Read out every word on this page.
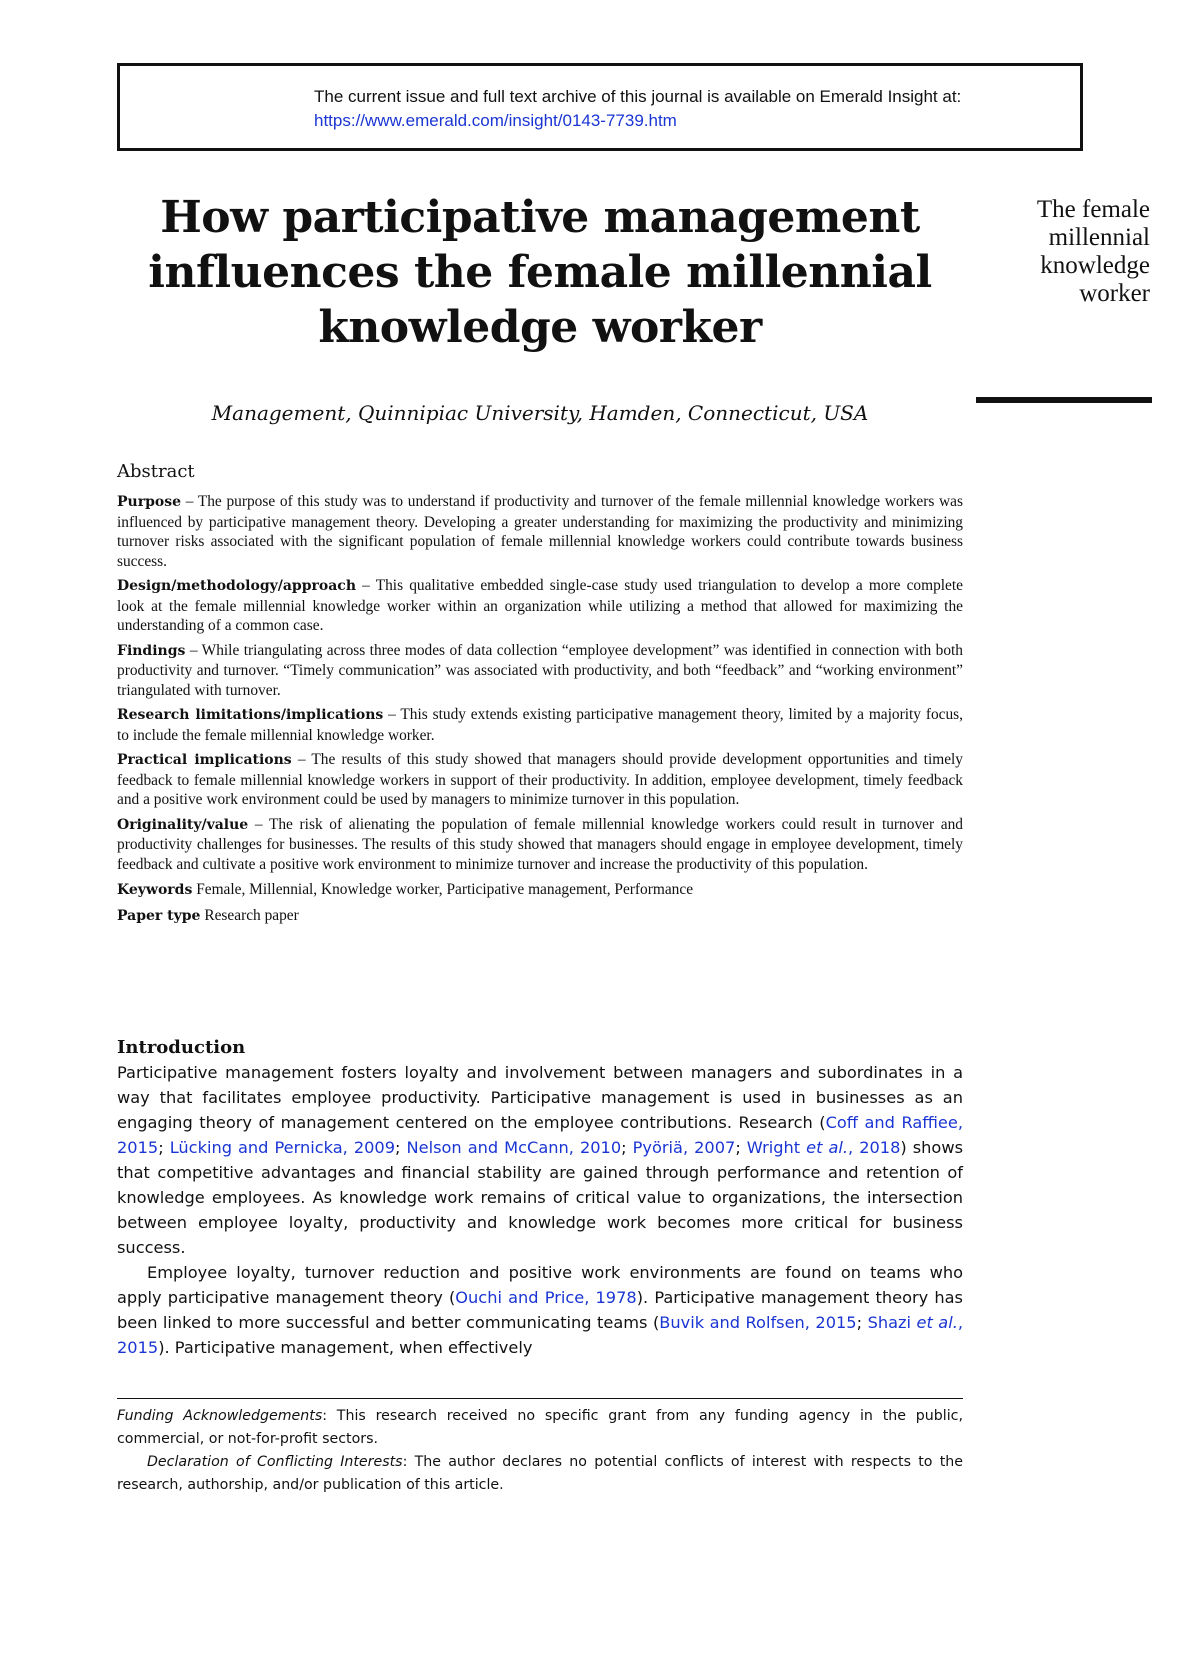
The current issue and full text archive of this journal is available on Emerald Insight at:
https://www.emerald.com/insight/0143-7739.htm
How participative management
influences the female millennial
knowledge worker
The female
millennial
knowledge
worker
Management, Quinnipiac University, Hamden, Connecticut, USA
Abstract

Purpose – The purpose of this study was to understand if productivity and turnover of the female millennial knowledge workers was influenced by participative management theory. Developing a greater understanding for maximizing the productivity and minimizing turnover risks associated with the significant population of female millennial knowledge workers could contribute towards business success.

Design/methodology/approach – This qualitative embedded single-case study used triangulation to develop a more complete look at the female millennial knowledge worker within an organization while utilizing a method that allowed for maximizing the understanding of a common case.

Findings – While triangulating across three modes of data collection “employee development” was identified in connection with both productivity and turnover. “Timely communication” was associated with productivity, and both “feedback” and “working environment” triangulated with turnover.

Research limitations/implications – This study extends existing participative management theory, limited by a majority focus, to include the female millennial knowledge worker.

Practical implications – The results of this study showed that managers should provide development opportunities and timely feedback to female millennial knowledge workers in support of their productivity. In addition, employee development, timely feedback and a positive work environment could be used by managers to minimize turnover in this population.

Originality/value – The risk of alienating the population of female millennial knowledge workers could result in turnover and productivity challenges for businesses. The results of this study showed that managers should engage in employee development, timely feedback and cultivate a positive work environment to minimize turnover and increase the productivity of this population.

Keywords Female, Millennial, Knowledge worker, Participative management, Performance

Paper type Research paper

Introduction

Participative management fosters loyalty and involvement between managers and subordinates in a way that facilitates employee productivity. Participative management is used in businesses as an engaging theory of management centered on the employee contributions. Research (Coff and Raffiee, 2015; Lücking and Pernicka, 2009; Nelson and McCann, 2010; Pyöriä, 2007; Wright et al., 2018) shows that competitive advantages and financial stability are gained through performance and retention of knowledge employees. As knowledge work remains of critical value to organizations, the intersection between employee loyalty, productivity and knowledge work becomes more critical for business success.

Employee loyalty, turnover reduction and positive work environments are found on teams who apply participative management theory (Ouchi and Price, 1978). Participative management theory has been linked to more successful and better communicating teams (Buvik and Rolfsen, 2015; Shazi et al., 2015). Participative management, when effectively

Funding Acknowledgements: This research received no specific grant from any funding agency in the public, commercial, or not-for-profit sectors.

Declaration of Conflicting Interests: The author declares no potential conflicts of interest with respects to the research, authorship, and/or publication of this article.
